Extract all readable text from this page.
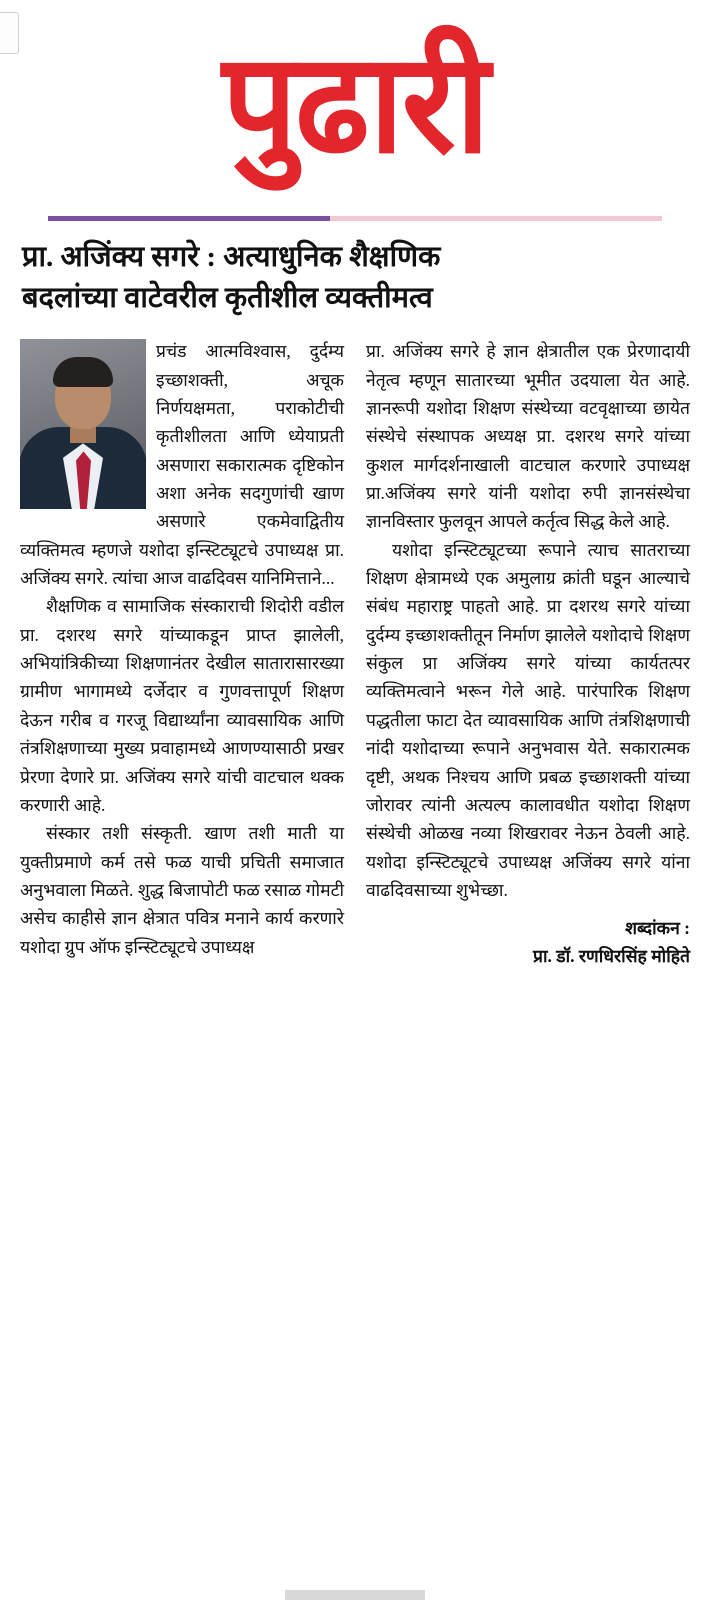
पुढारी
प्रा. अजिंक्य सगरे : अत्याधुनिक शैक्षणिक
बदलांच्या वाटेवरील कृतीशील व्यक्तीमत्व

प्रचंड आत्मविश्वास, दुर्दम्य इच्छाशक्ती, अचूक निर्णयक्षमता, पराकोटीची कृतीशीलता आणि ध्येयाप्रती असणारा सकारात्मक दृष्टिकोन अशा अनेक सदगुणांची खाण असणारे एकमेवाद्वितीय व्यक्तिमत्व म्हणजे यशोदा इन्स्टिट्यूटचे उपाध्यक्ष प्रा. अजिंक्य सगरे. त्यांचा आज वाढदिवस यानिमित्ताने...

शैक्षणिक व सामाजिक संस्काराची शिदोरी वडील प्रा. दशरथ सगरे यांच्याकडून प्राप्त झालेली, अभियांत्रिकीच्या शिक्षणानंतर देखील सातारासारख्या ग्रामीण भागामध्ये दर्जेदार व गुणवत्तापूर्ण शिक्षण देऊन गरीब व गरजू विद्यार्थ्यांना व्यावसायिक आणि तंत्रशिक्षणाच्या मुख्य प्रवाहामध्ये आणण्यासाठी प्रखर प्रेरणा देणारे प्रा. अजिंक्य सगरे यांची वाटचाल थक्क करणारी आहे.

संस्कार तशी संस्कृती. खाण तशी माती या युक्तीप्रमाणे कर्म तसे फळ याची प्रचिती समाजात अनुभवाला मिळते. शुद्ध बिजापोटी फळ रसाळ गोमटी असेच काहीसे ज्ञान क्षेत्रात पवित्र मनाने कार्य करणारे यशोदा ग्रुप ऑफ इन्स्टिट्यूटचे उपाध्यक्ष

प्रा. अजिंक्य सगरे हे ज्ञान क्षेत्रातील एक प्रेरणादायी नेतृत्व म्हणून सातारच्या भूमीत उदयाला येत आहे. ज्ञानरूपी यशोदा शिक्षण संस्थेच्या वटवृक्षाच्या छायेत संस्थेचे संस्थापक अध्यक्ष प्रा. दशरथ सगरे यांच्या कुशल मार्गदर्शनाखाली वाटचाल करणारे उपाध्यक्ष प्रा.अजिंक्य सगरे यांनी यशोदा रुपी ज्ञानसंस्थेचा ज्ञानविस्तार फुलवून आपले कर्तृत्व सिद्ध केले आहे.

यशोदा इन्स्टिट्यूटच्या रूपाने त्याच सातराच्या शिक्षण क्षेत्रामध्ये एक अमुलाग्र क्रांती घडून आल्याचे संबंध महाराष्ट्र पाहतो आहे. प्रा दशरथ सगरे यांच्या दुर्दम्य इच्छाशक्तीतून निर्माण झालेले यशोदाचे शिक्षण संकुल प्रा अजिंक्य सगरे यांच्या कार्यतत्पर व्यक्तिमत्वाने भरून गेले आहे. पारंपारिक शिक्षण पद्धतीला फाटा देत व्यावसायिक आणि तंत्रशिक्षणाची नांदी यशोदाच्या रूपाने अनुभवास येते. सकारात्मक दृष्टी, अथक निश्चय आणि प्रबळ इच्छाशक्ती यांच्या जोरावर त्यांनी अत्यल्प कालावधीत यशोदा शिक्षण संस्थेची ओळख नव्या शिखरावर नेऊन ठेवली आहे. यशोदा इन्स्टिट्यूटचे उपाध्यक्ष अजिंक्य सगरे यांना वाढदिवसाच्या शुभेच्छा.

शब्दांकन :
प्रा. डॉ. रणधिरसिंह मोहिते
